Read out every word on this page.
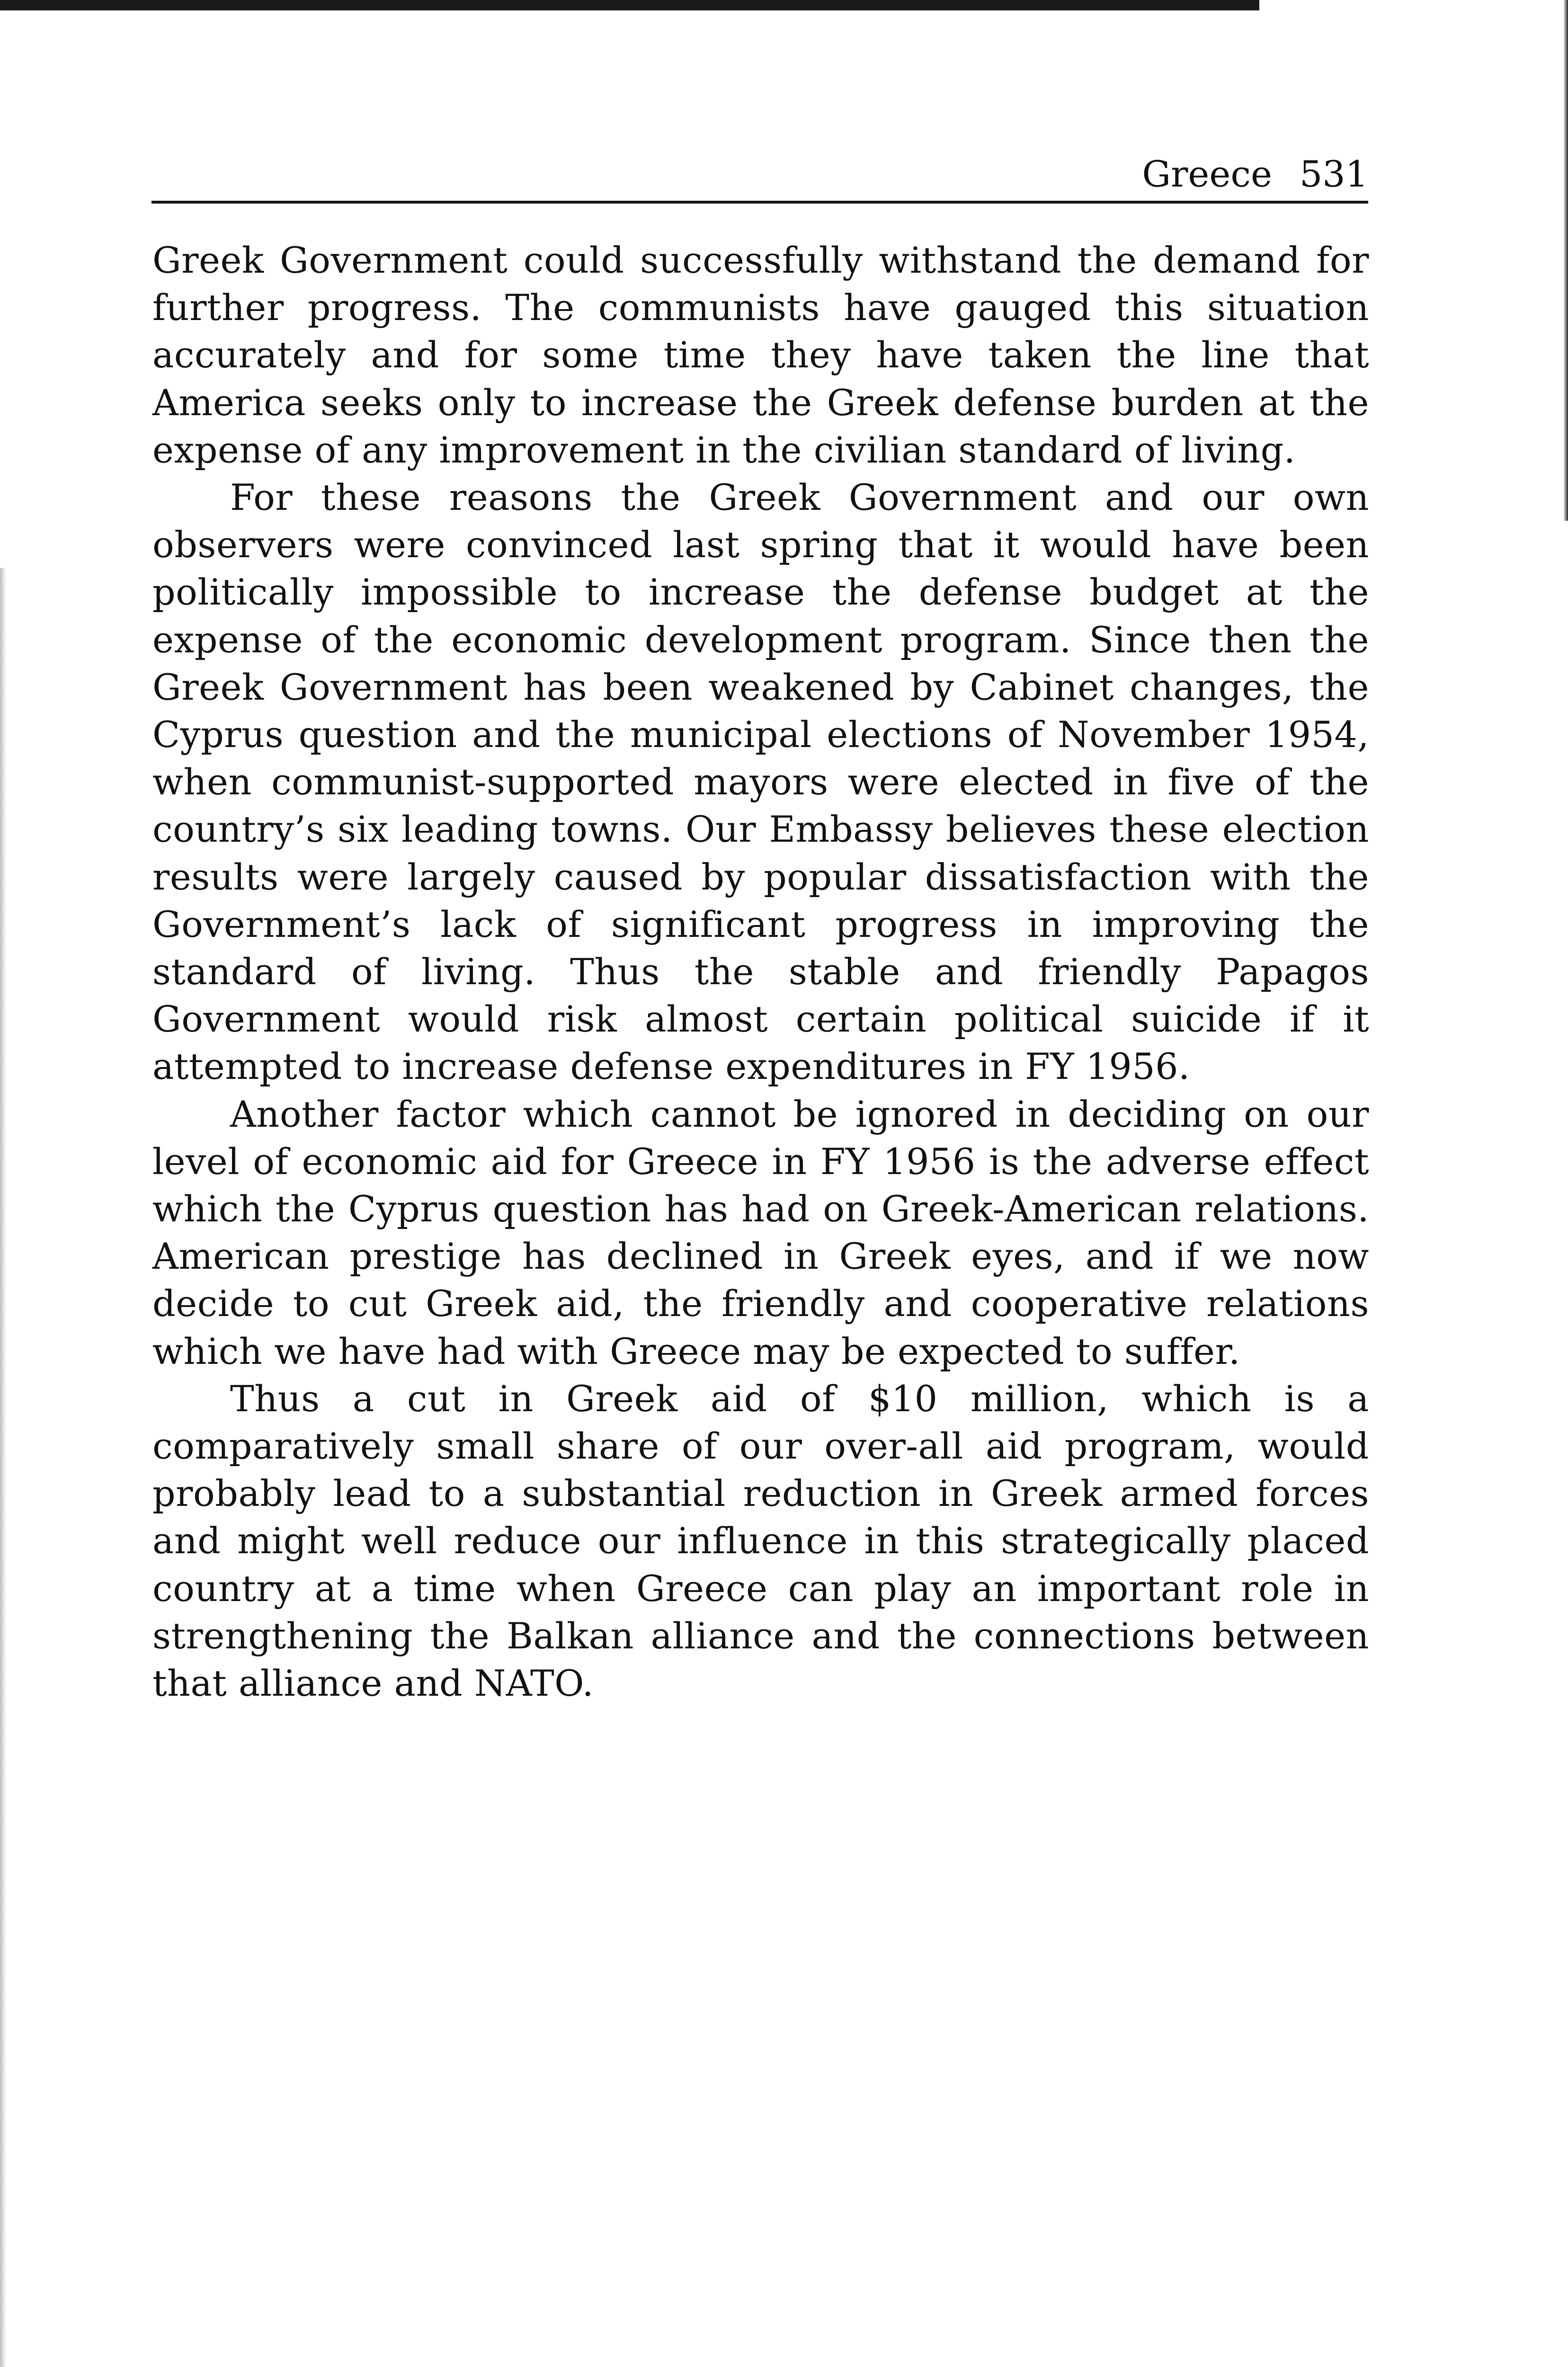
Greece 531

Greek Government could successfully withstand the demand for further progress. The communists have gauged this situation accurately and for some time they have taken the line that America seeks only to increase the Greek defense burden at the expense of any improvement in the civilian standard of living.

For these reasons the Greek Government and our own observers were convinced last spring that it would have been politically impossible to increase the defense budget at the expense of the economic development program. Since then the Greek Government has been weakened by Cabinet changes, the Cyprus question and the municipal elections of November 1954, when communist-supported mayors were elected in five of the country’s six leading towns. Our Embassy believes these election results were largely caused by popular dissatisfaction with the Government’s lack of significant progress in improving the standard of living. Thus the stable and friendly Papagos Government would risk almost certain political suicide if it attempted to increase defense expenditures in FY 1956.

Another factor which cannot be ignored in deciding on our level of economic aid for Greece in FY 1956 is the adverse effect which the Cyprus question has had on Greek-American relations. American prestige has declined in Greek eyes, and if we now decide to cut Greek aid, the friendly and cooperative relations which we have had with Greece may be expected to suffer.

Thus a cut in Greek aid of $10 million, which is a comparatively small share of our over-all aid program, would probably lead to a substantial reduction in Greek armed forces and might well reduce our influence in this strategically placed country at a time when Greece can play an important role in strengthening the Balkan alliance and the connections between that alliance and NATO.
